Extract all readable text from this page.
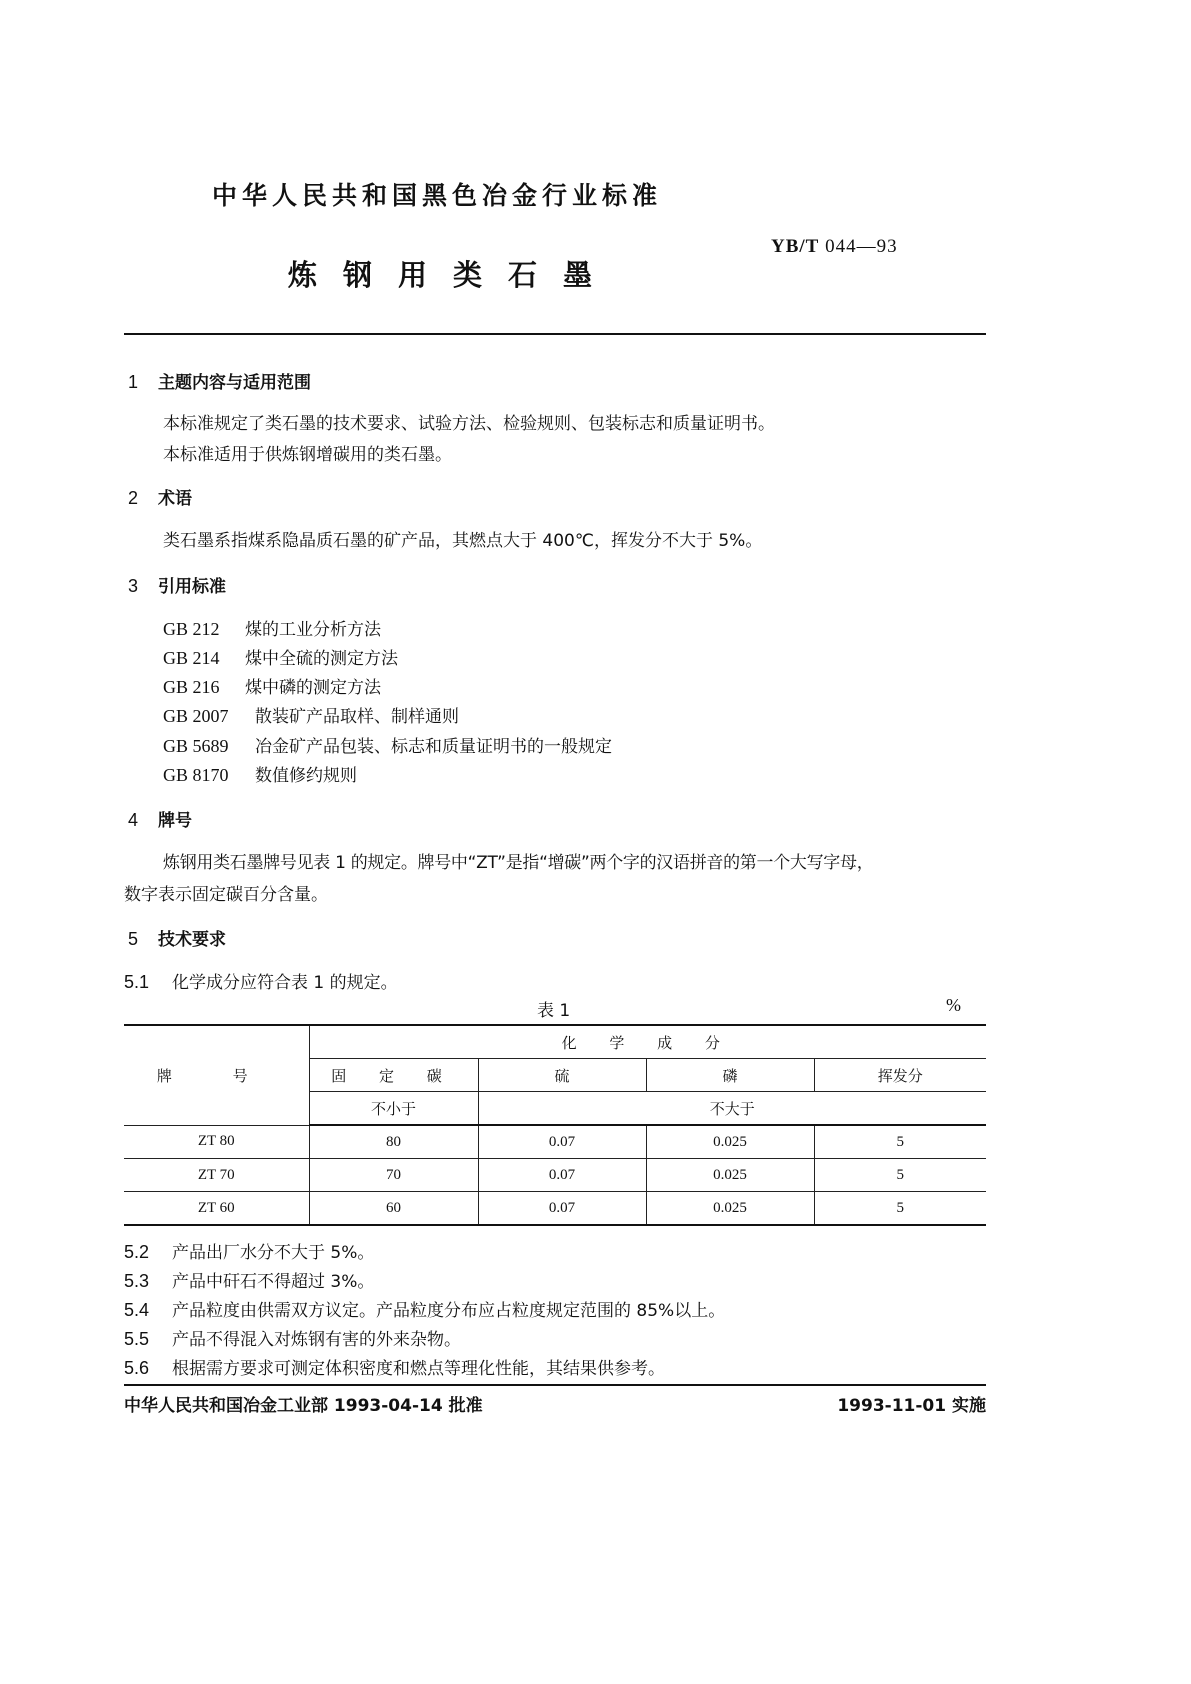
中华人民共和国黑色冶金行业标准
YB/T 044—93
炼钢用类石墨
1 主题内容与适用范围
本标准规定了类石墨的技术要求、试验方法、检验规则、包装标志和质量证明书。
本标准适用于供炼钢增碳用的类石墨。
2 术语
类石墨系指煤系隐晶质石墨的矿产品，其燃点大于 400℃，挥发分不大于 5%。
3 引用标准
GB 212 煤的工业分析方法
GB 214 煤中全硫的测定方法
GB 216 煤中磷的测定方法
GB 2007 散装矿产品取样、制样通则
GB 5689 冶金矿产品包装、标志和质量证明书的一般规定
GB 8170 数值修约规则
4 牌号
炼钢用类石墨牌号见表 1 的规定。牌号中“ZT”是指“增碳”两个字的汉语拼音的第一个大写字母，
数字表示固定碳百分含量。
5 技术要求
5.1 化学成分应符合表 1 的规定。
表 1	%
牌 号	化 学 成 分			
	固 定 碳	硫	磷	挥发分
	不小于	不大于		
ZT 80	80	0.07	0.025	5
ZT 70	70	0.07	0.025	5
ZT 60	60	0.07	0.025	5
5.2 产品出厂水分不大于 5%。
5.3 产品中矸石不得超过 3%。
5.4 产品粒度由供需双方议定。产品粒度分布应占粒度规定范围的 85%以上。
5.5 产品不得混入对炼钢有害的外来杂物。
5.6 根据需方要求可测定体积密度和燃点等理化性能，其结果供参考。
中华人民共和国冶金工业部 1993-04-14 批准	1993-11-01 实施
